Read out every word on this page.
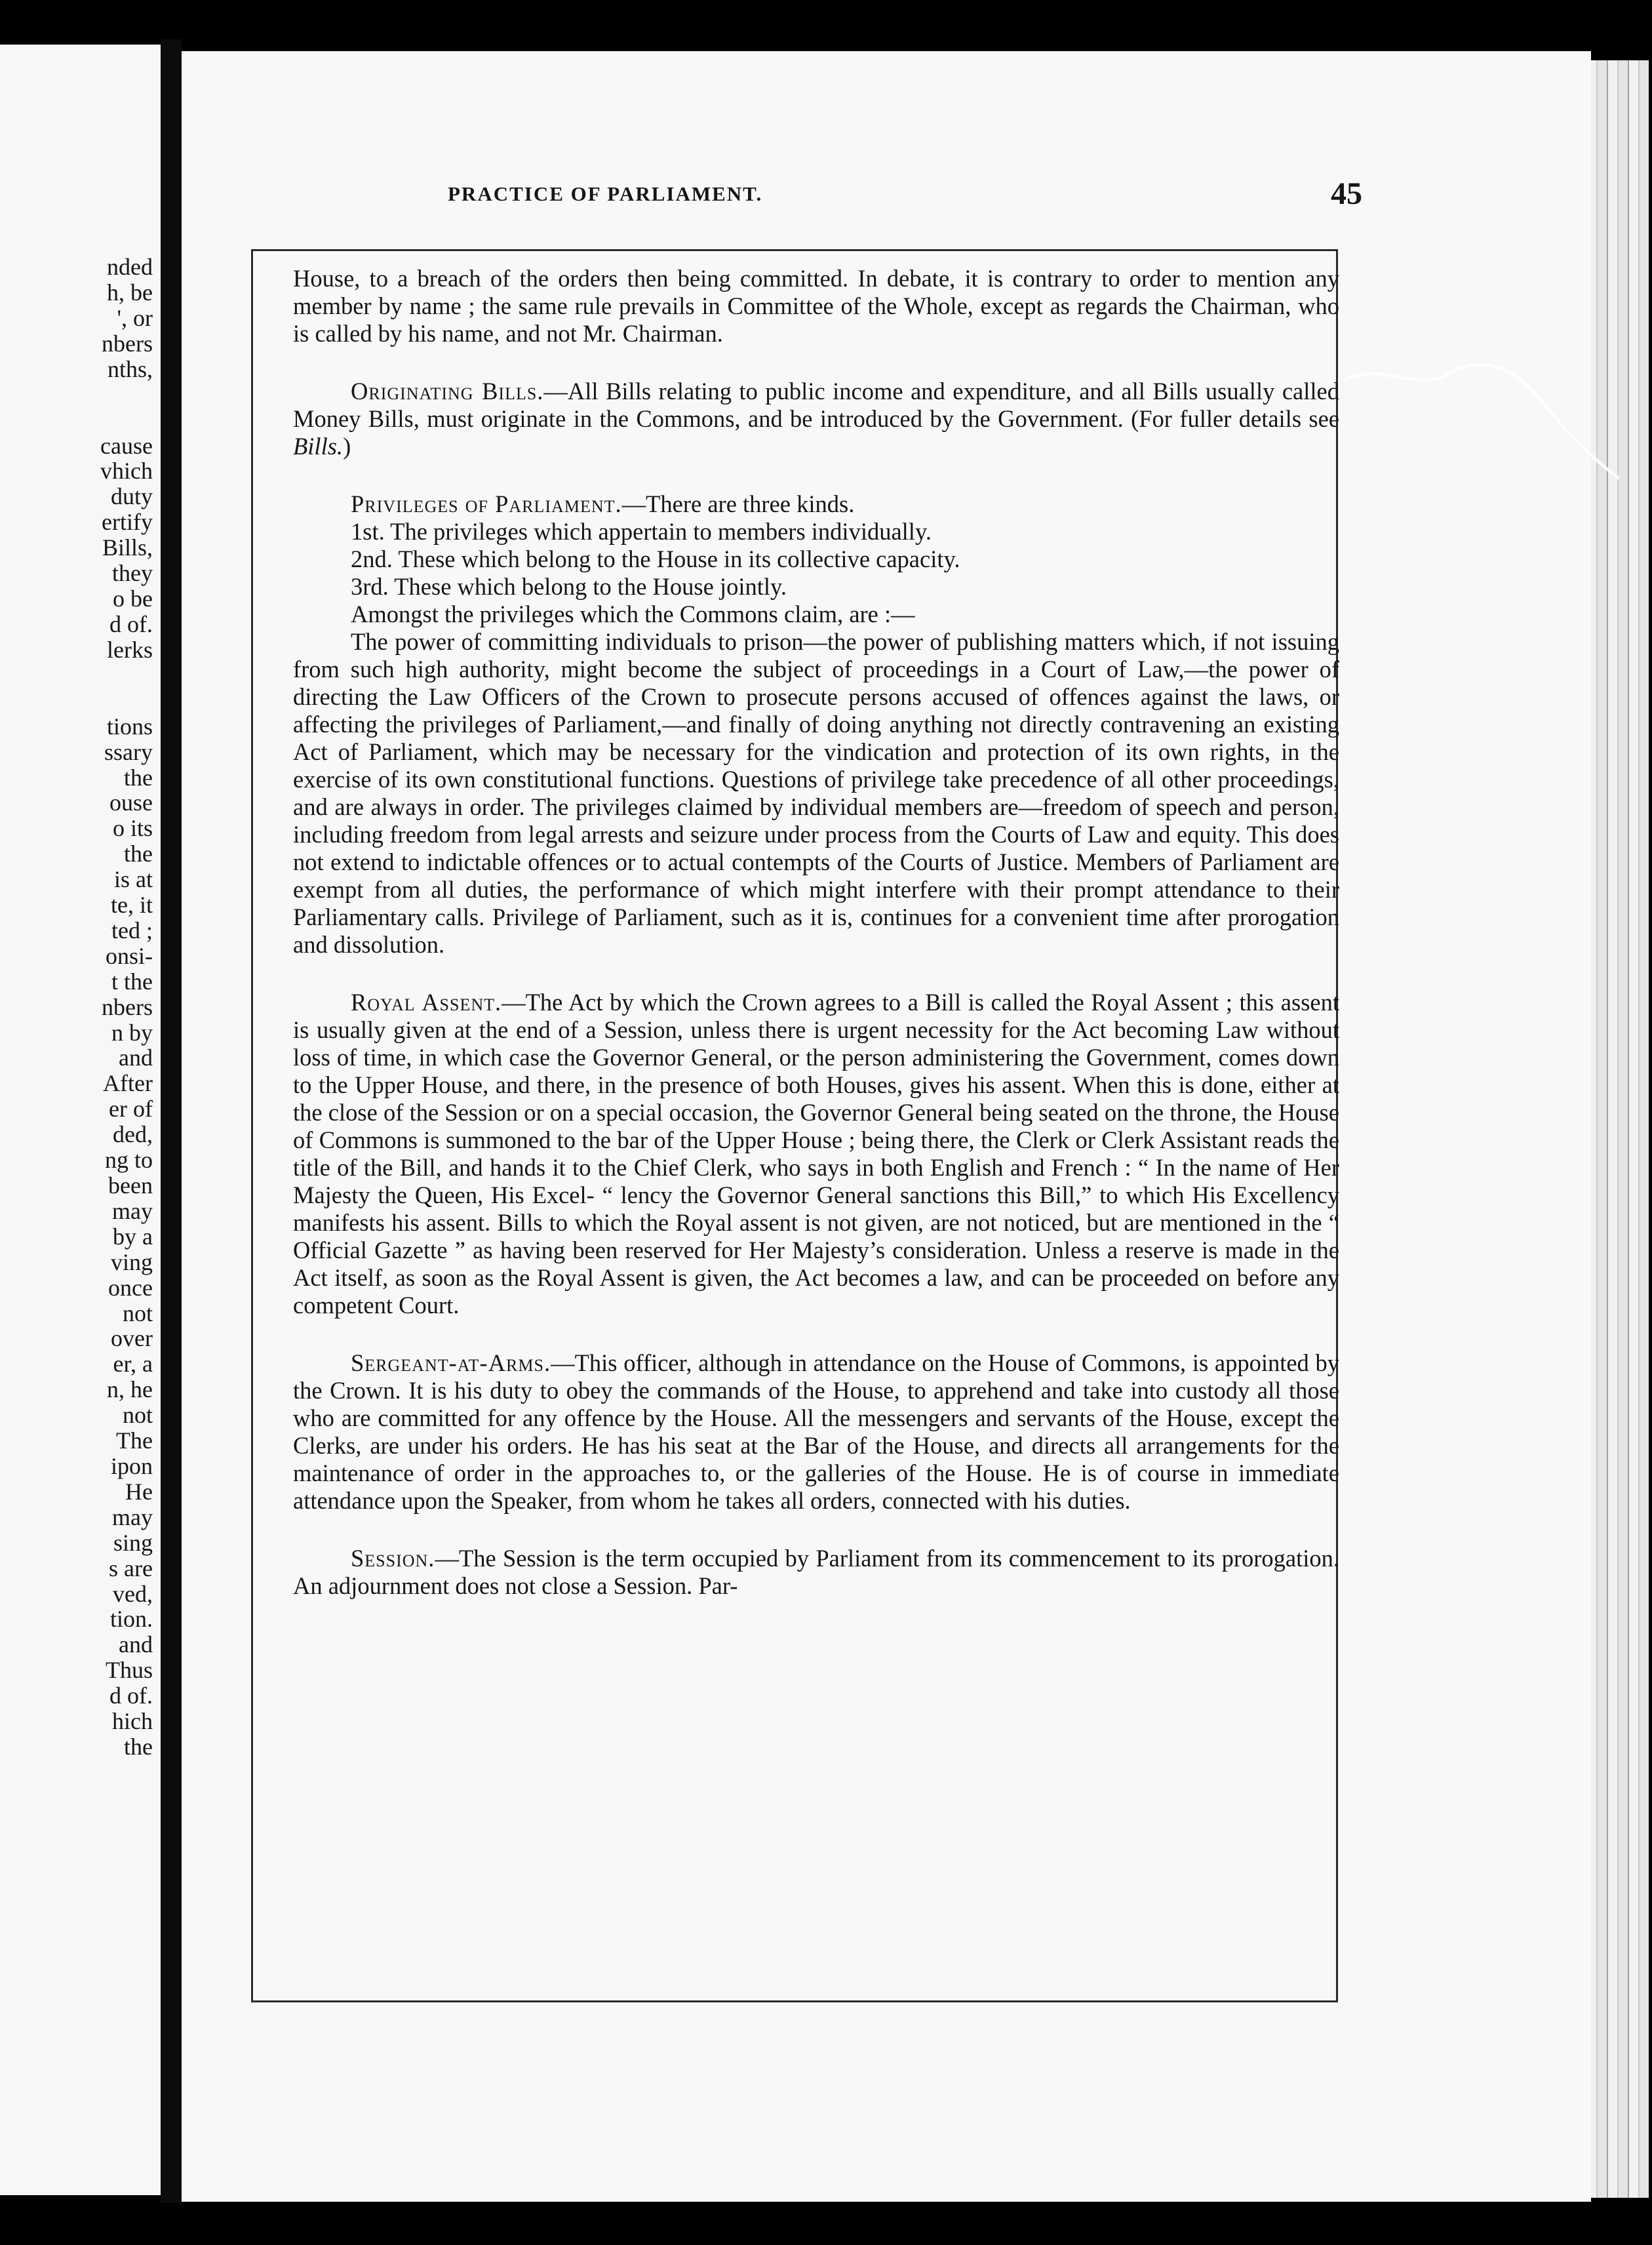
nded
h, be
', or
nbers
nths,
cause
vhich
duty
ertify
Bills,
they
o be
d of.
lerks
tions
ssary
the
ouse
o its
the
is at
te, it
ted ;
onsi-
t the
nbers
n by
and
After
er of
ded,
ng to
been
may
by a
ving
once
not
over
er, a
n, he
not
The
ipon
He
may
sing
s are
ved,
tion.
and
Thus
d of.
hich
the
PRACTICE OF PARLIAMENT.	45

House, to a breach of the orders then being committed. In debate, it is contrary to order to mention any member by name ; the same rule prevails in Committee of the Whole, except as regards the Chairman, who is called by his name, and not Mr. Chairman.

Originating Bills.—All Bills relating to public income and expenditure, and all Bills usually called Money Bills, must originate in the Commons, and be introduced by the Government. (For fuller details see Bills.)

Privileges of Parliament.—There are three kinds.

1st. The privileges which appertain to members individually.

2nd. These which belong to the House in its collective capacity.

3rd. These which belong to the House jointly.

Amongst the privileges which the Commons claim, are :—

The power of committing individuals to prison—the power of publishing matters which, if not issuing from such high authority, might become the subject of proceedings in a Court of Law,—the power of directing the Law Officers of the Crown to prosecute persons accused of offences against the laws, or affecting the privileges of Parliament,—and finally of doing anything not directly contravening an existing Act of Parliament, which may be necessary for the vindication and protection of its own rights, in the exercise of its own constitutional functions. Questions of privilege take precedence of all other proceedings, and are always in order. The privileges claimed by individual members are—freedom of speech and person, including freedom from legal arrests and seizure under process from the Courts of Law and equity. This does not extend to indictable offences or to actual contempts of the Courts of Justice. Members of Parliament are exempt from all duties, the performance of which might interfere with their prompt attendance to their Parliamentary calls. Privilege of Parliament, such as it is, continues for a convenient time after prorogation and dissolution.

Royal Assent.—The Act by which the Crown agrees to a Bill is called the Royal Assent ; this assent is usually given at the end of a Session, unless there is urgent necessity for the Act becoming Law without loss of time, in which case the Governor General, or the person administering the Government, comes down to the Upper House, and there, in the presence of both Houses, gives his assent. When this is done, either at the close of the Session or on a special occasion, the Governor General being seated on the throne, the House of Commons is summoned to the bar of the Upper House ; being there, the Clerk or Clerk Assistant reads the title of the Bill, and hands it to the Chief Clerk, who says in both English and French : “ In the name of Her Majesty the Queen, His Excel- “ lency the Governor General sanctions this Bill,” to which His Excellency manifests his assent. Bills to which the Royal assent is not given, are not noticed, but are mentioned in the “ Official Gazette ” as having been reserved for Her Majesty’s consideration. Unless a reserve is made in the Act itself, as soon as the Royal Assent is given, the Act becomes a law, and can be proceeded on before any competent Court.

Sergeant-at-Arms.—This officer, although in attendance on the House of Commons, is appointed by the Crown. It is his duty to obey the commands of the House, to apprehend and take into custody all those who are committed for any offence by the House. All the messengers and servants of the House, except the Clerks, are under his orders. He has his seat at the Bar of the House, and directs all arrangements for the maintenance of order in the approaches to, or the galleries of the House. He is of course in immediate attendance upon the Speaker, from whom he takes all orders, connected with his duties.

Session.—The Session is the term occupied by Parliament from its commencement to its prorogation. An adjournment does not close a Session. Par-
